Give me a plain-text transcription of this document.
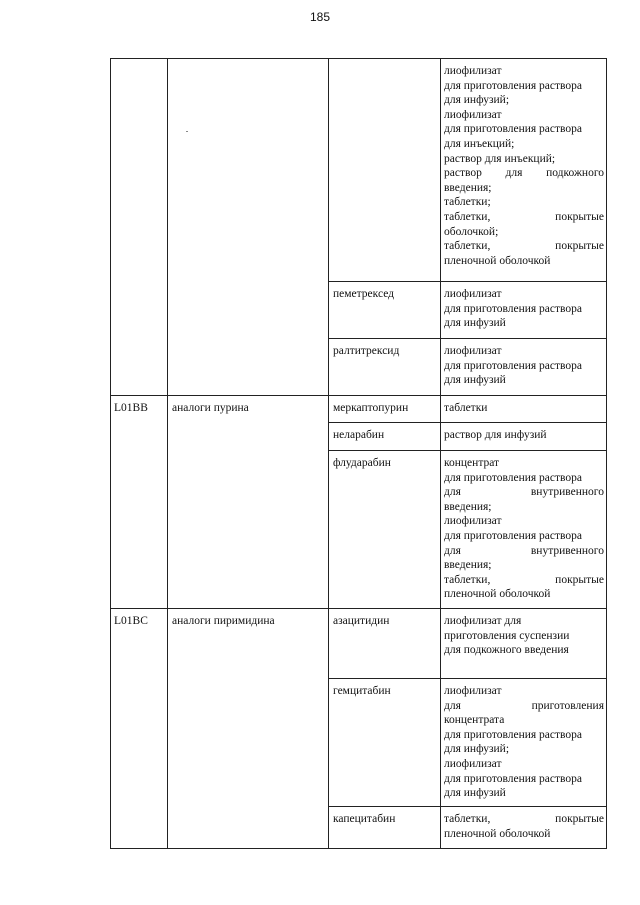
185
лиофилизат
для приготовления раствора
для инфузий;
лиофилизат
для приготовления раствора
для инъекций;
раствор для инъекций;
раствор для подкожного
введения;
таблетки;
таблетки,	покрытые
оболочкой;
таблетки,	покрытые
пленочной оболочкой
пеметрексед	лиофилизат
для приготовления раствора
для инфузий
ралтитрексид	лиофилизат
для приготовления раствора
для инфузий
L01BB	аналоги пурина	меркаптопурин	таблетки
неларабин	раствор для инфузий
флударабин	концентрат
для приготовления раствора
для	внутривенного
введения;
лиофилизат
для приготовления раствора
для	внутривенного
введения;
таблетки,	покрытые
пленочной оболочкой
L01BC	аналоги пиримидина	азацитидин	лиофилизат для
приготовления суспензии
для подкожного введения
гемцитабин	лиофилизат
для	приготовления
концентрата
для приготовления раствора
для инфузий;
лиофилизат
для приготовления раствора
для инфузий
капецитабин	таблетки,	покрытые
пленочной оболочкой
